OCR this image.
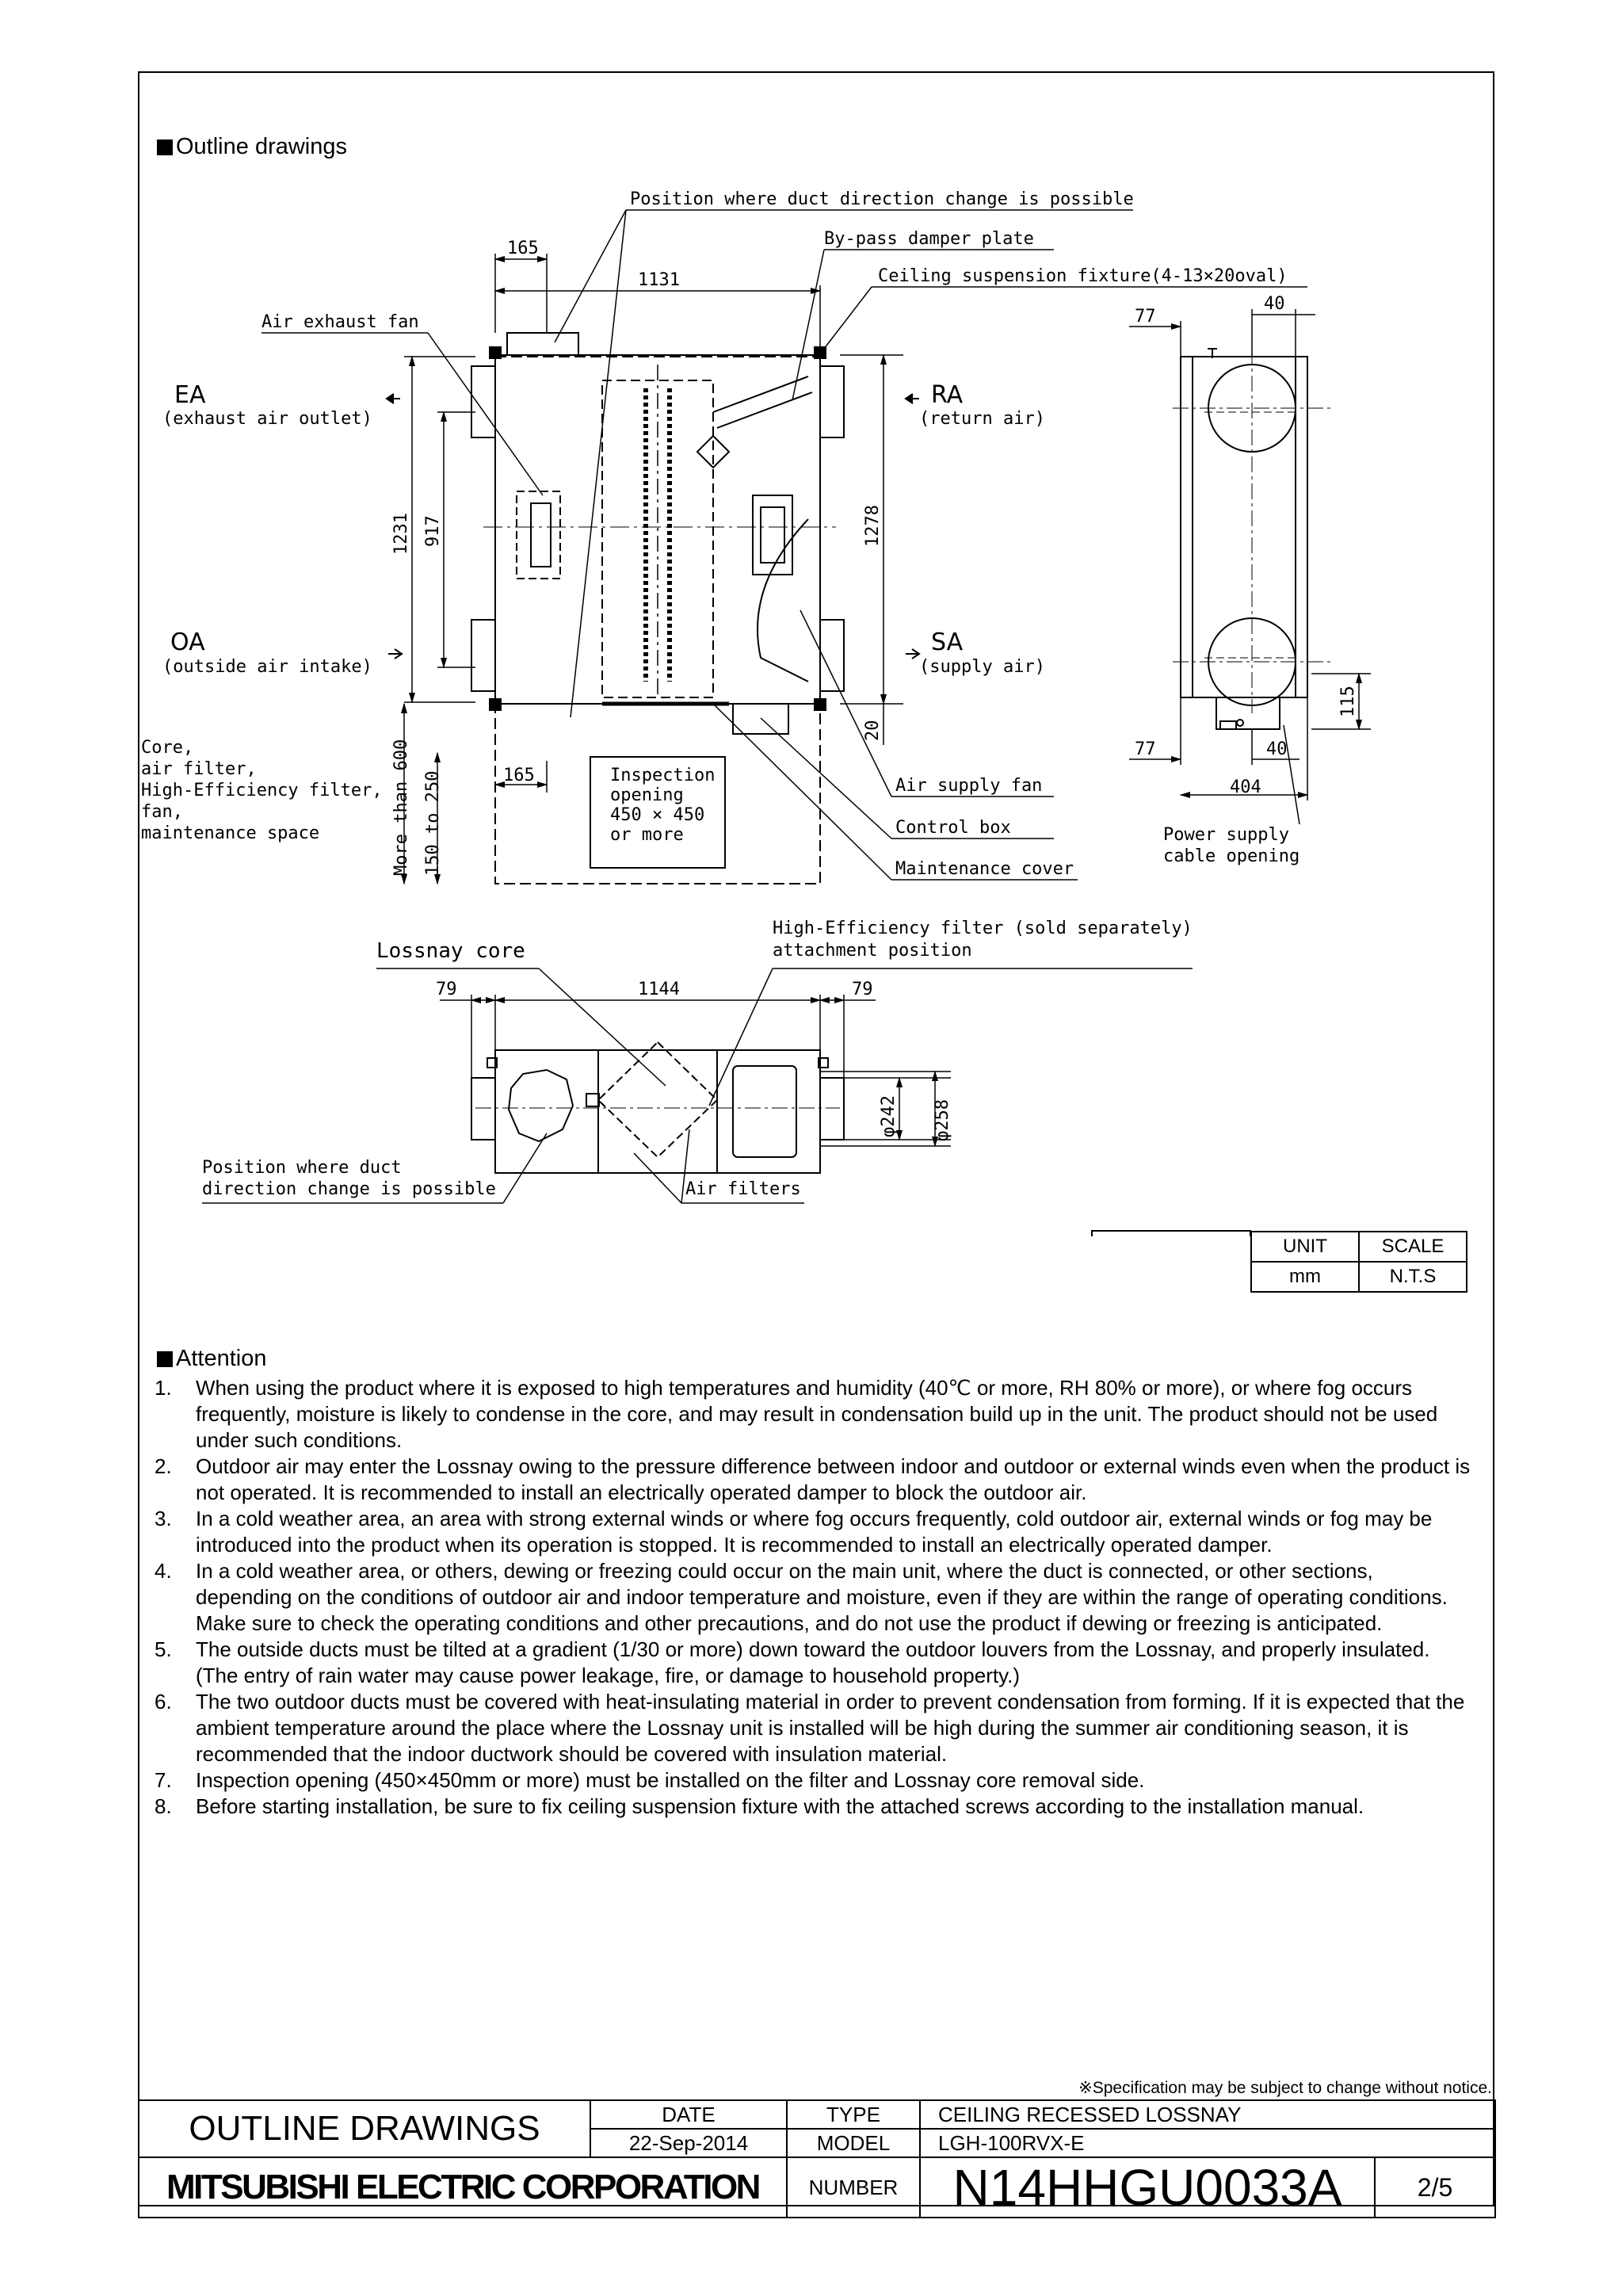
Outline drawings
165
1131
1231 917	1278
20
165
More than 600 150 to 250
Position where duct direction change is possible
By-pass damper plate
Ceiling suspension fixture(4-13×20oval)
Air exhaust fan
EA
(exhaust air outlet)
RA
(return air)
OA
(outside air intake)
SA
(supply air)
Core,
air filter,
High-Efficiency filter,
fan,
maintenance space
Air supply fan
Control box
Maintenance cover
Inspection
opening
450 × 450
or more
77
40
115
77	40
404
Power supply
cable opening
79	1144	79
φ242 φ258
Lossnay core
High-Efficiency filter (sold separately)
attachment position
Position where duct
direction change is possible	Air filters
UNIT	SCALE
mm	N.T.S
Attention
1. When using the product where it is exposed to high temperatures and humidity (40℃ or more, RH 80% or more), or where fog occurs frequently, moisture is likely to condense in the core, and may result in condensation build up in the unit. The product should not be used under such conditions.
2. Outdoor air may enter the Lossnay owing to the pressure difference between indoor and outdoor or external winds even when the product is not operated. It is recommended to install an electrically operated damper to block the outdoor air.
3. In a cold weather area, an area with strong external winds or where fog occurs frequently, cold outdoor air, external winds or fog may be introduced into the product when its operation is stopped. It is recommended to install an electrically operated damper.
4. In a cold weather area, or others, dewing or freezing could occur on the main unit, where the duct is connected, or other sections, depending on the conditions of outdoor air and indoor temperature and moisture, even if they are within the range of operating conditions. Make sure to check the operating conditions and other precautions, and do not use the product if dewing or freezing is anticipated.
5. The outside ducts must be tilted at a gradient (1/30 or more) down toward the outdoor louvers from the Lossnay, and properly insulated. (The entry of rain water may cause power leakage, fire, or damage to household property.)
6. The two outdoor ducts must be covered with heat-insulating material in order to prevent condensation from forming. If it is expected that the ambient temperature around the place where the Lossnay unit is installed will be high during the summer air conditioning season, it is recommended that the indoor ductwork should be covered with insulation material.
7. Inspection opening (450×450mm or more) must be installed on the filter and Lossnay core removal side.
8. Before starting installation, be sure to fix ceiling suspension fixture with the attached screws according to the installation manual.
※Specification may be subject to change without notice.
OUTLINE DRAWINGS	DATE	TYPE	CEILING RECESSED LOSSNAY	
	22-Sep-2014	MODEL	LGH-100RVX-E	
MITSUBISHI ELECTRIC CORPORATION		NUMBER	N14HHGU0033A	2/5
